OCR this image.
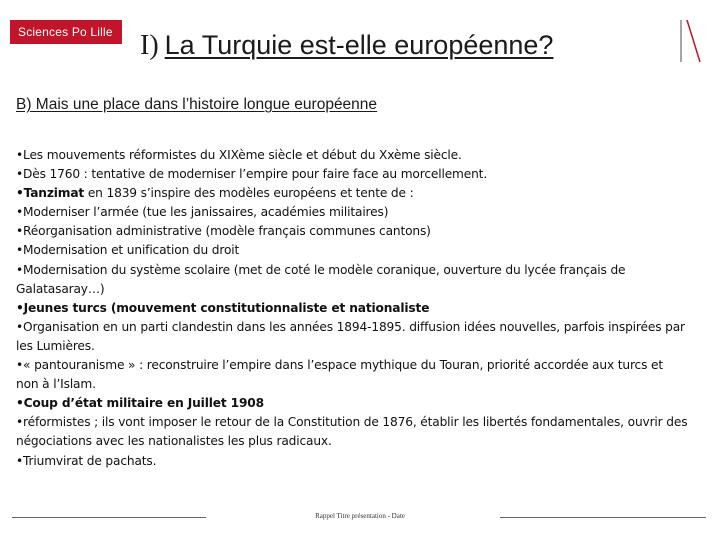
Sciences Po Lille I) La Turquie est-elle européenne?
B) Mais une place dans l’histoire longue européenne

•Les mouvements réformistes du XIXème siècle et début du Xxème siècle.

•Dès 1760 : tentative de moderniser l’empire pour faire face au morcellement.

•Tanzimat en 1839 s’inspire des modèles européens et tente de :

•Moderniser l’armée (tue les janissaires, académies militaires)

•Réorganisation administrative (modèle français communes cantons)

•Modernisation et unification du droit

•Modernisation du système scolaire (met de coté le modèle coranique, ouverture du lycée français de Galatasaray…)

•Jeunes turcs (mouvement constitutionnaliste et nationaliste

•Organisation en un parti clandestin dans les années 1894-1895. diffusion idées nouvelles, parfois inspirées par les Lumières.

•« pantouranisme » : reconstruire l’empire dans l’espace mythique du Touran, priorité accordée aux turcs et non à l’Islam.

•Coup d’état militaire en Juillet 1908

•réformistes ; ils vont imposer le retour de la Constitution de 1876, établir les libertés fondamentales, ouvrir des négociations avec les nationalistes les plus radicaux.

•Triumvirat de pachats.

Rappel Titre présentation - Date
